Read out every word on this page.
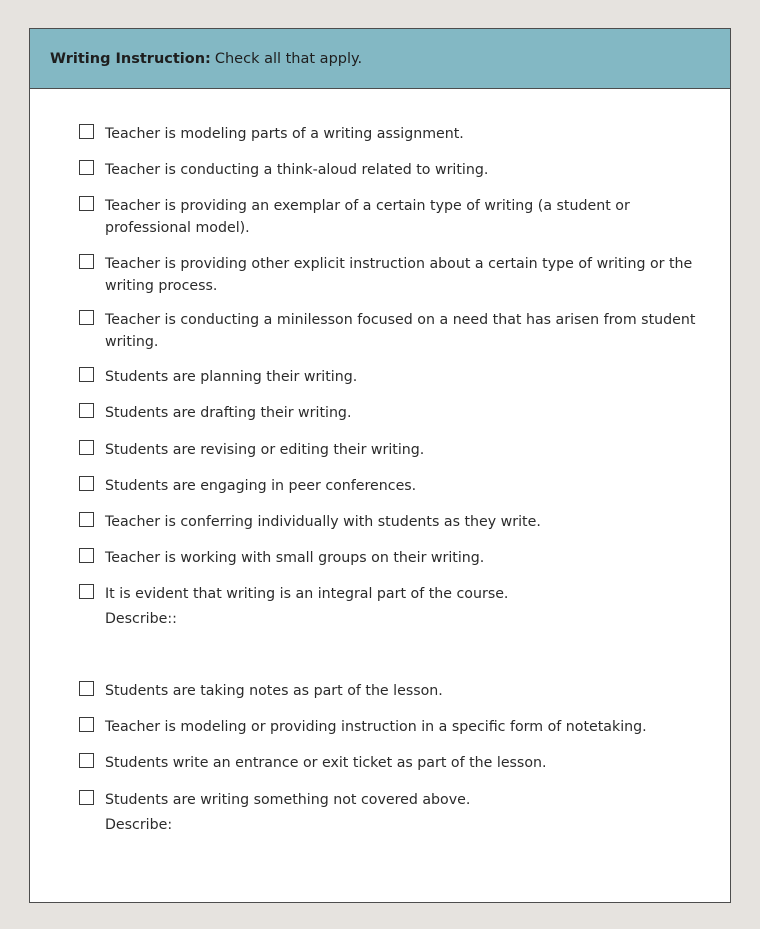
Writing Instruction: Check all that apply.
Teacher is modeling parts of a writing assignment.
Teacher is conducting a think-aloud related to writing.
Teacher is providing an exemplar of a certain type of writing (a student or professional model).
Teacher is providing other explicit instruction about a certain type of writing or the writing process.
Teacher is conducting a minilesson focused on a need that has arisen from student writing.
Students are planning their writing.
Students are drafting their writing.
Students are revising or editing their writing.
Students are engaging in peer conferences.
Teacher is conferring individually with students as they write.
Teacher is working with small groups on their writing.
It is evident that writing is an integral part of the course.
Students are taking notes as part of the lesson.
Teacher is modeling or providing instruction in a specific form of notetaking.
Students write an entrance or exit ticket as part of the lesson.
Students are writing something not covered above.
Describe::
Describe:
